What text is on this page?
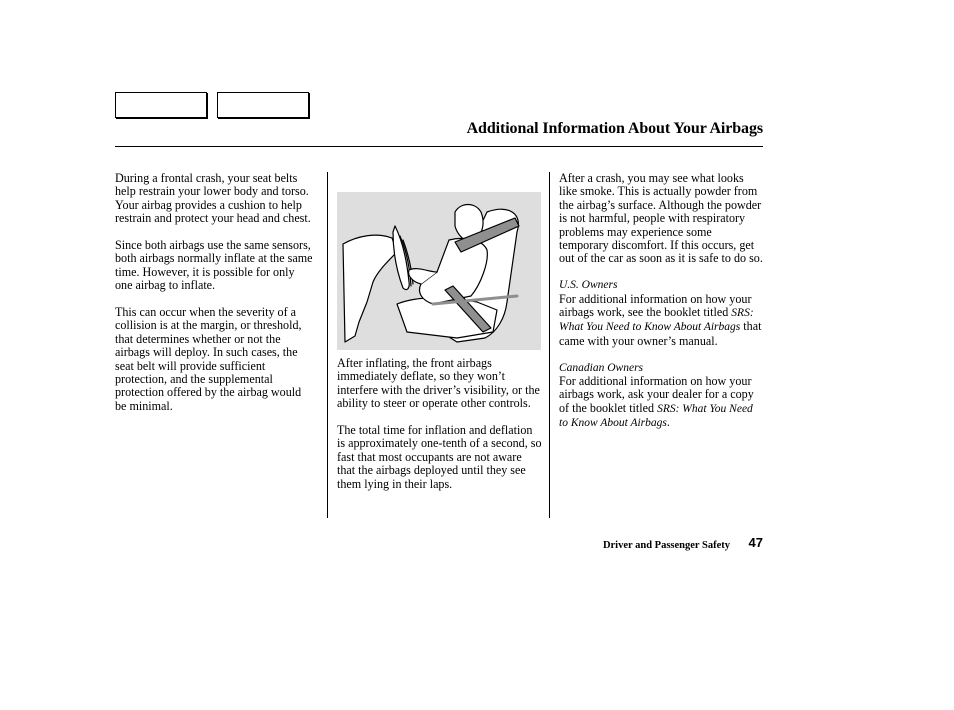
Additional Information About Your Airbags

During a frontal crash, your seat belts help restrain your lower body and torso. Your airbag provides a cushion to help restrain and protect your head and chest.

Since both airbags use the same sensors, both airbags normally inflate at the same time. However, it is possible for only one airbag to inflate.

This can occur when the severity of a collision is at the margin, or threshold, that determines whether or not the airbags will deploy. In such cases, the seat belt will provide sufficient protection, and the supplemental protection offered by the airbag would be minimal.

After inflating, the front airbags immediately deflate, so they won’t interfere with the driver’s visibility, or the ability to steer or operate other controls.

The total time for inflation and deflation is approximately one-tenth of a second, so fast that most occupants are not aware that the airbags deployed until they see them lying in their laps.

After a crash, you may see what looks like smoke. This is actually powder from the airbag’s surface. Although the powder is not harmful, people with respiratory problems may experience some temporary discomfort. If this occurs, get out of the car as soon as it is safe to do so.

U.S. Owners
For additional information on how your airbags work, see the booklet titled SRS: What You Need to Know About Airbags that came with your owner’s manual.

Canadian Owners
For additional information on how your airbags work, ask your dealer for a copy of the booklet titled SRS: What You Need to Know About Airbags.

Driver and Passenger Safety 47
